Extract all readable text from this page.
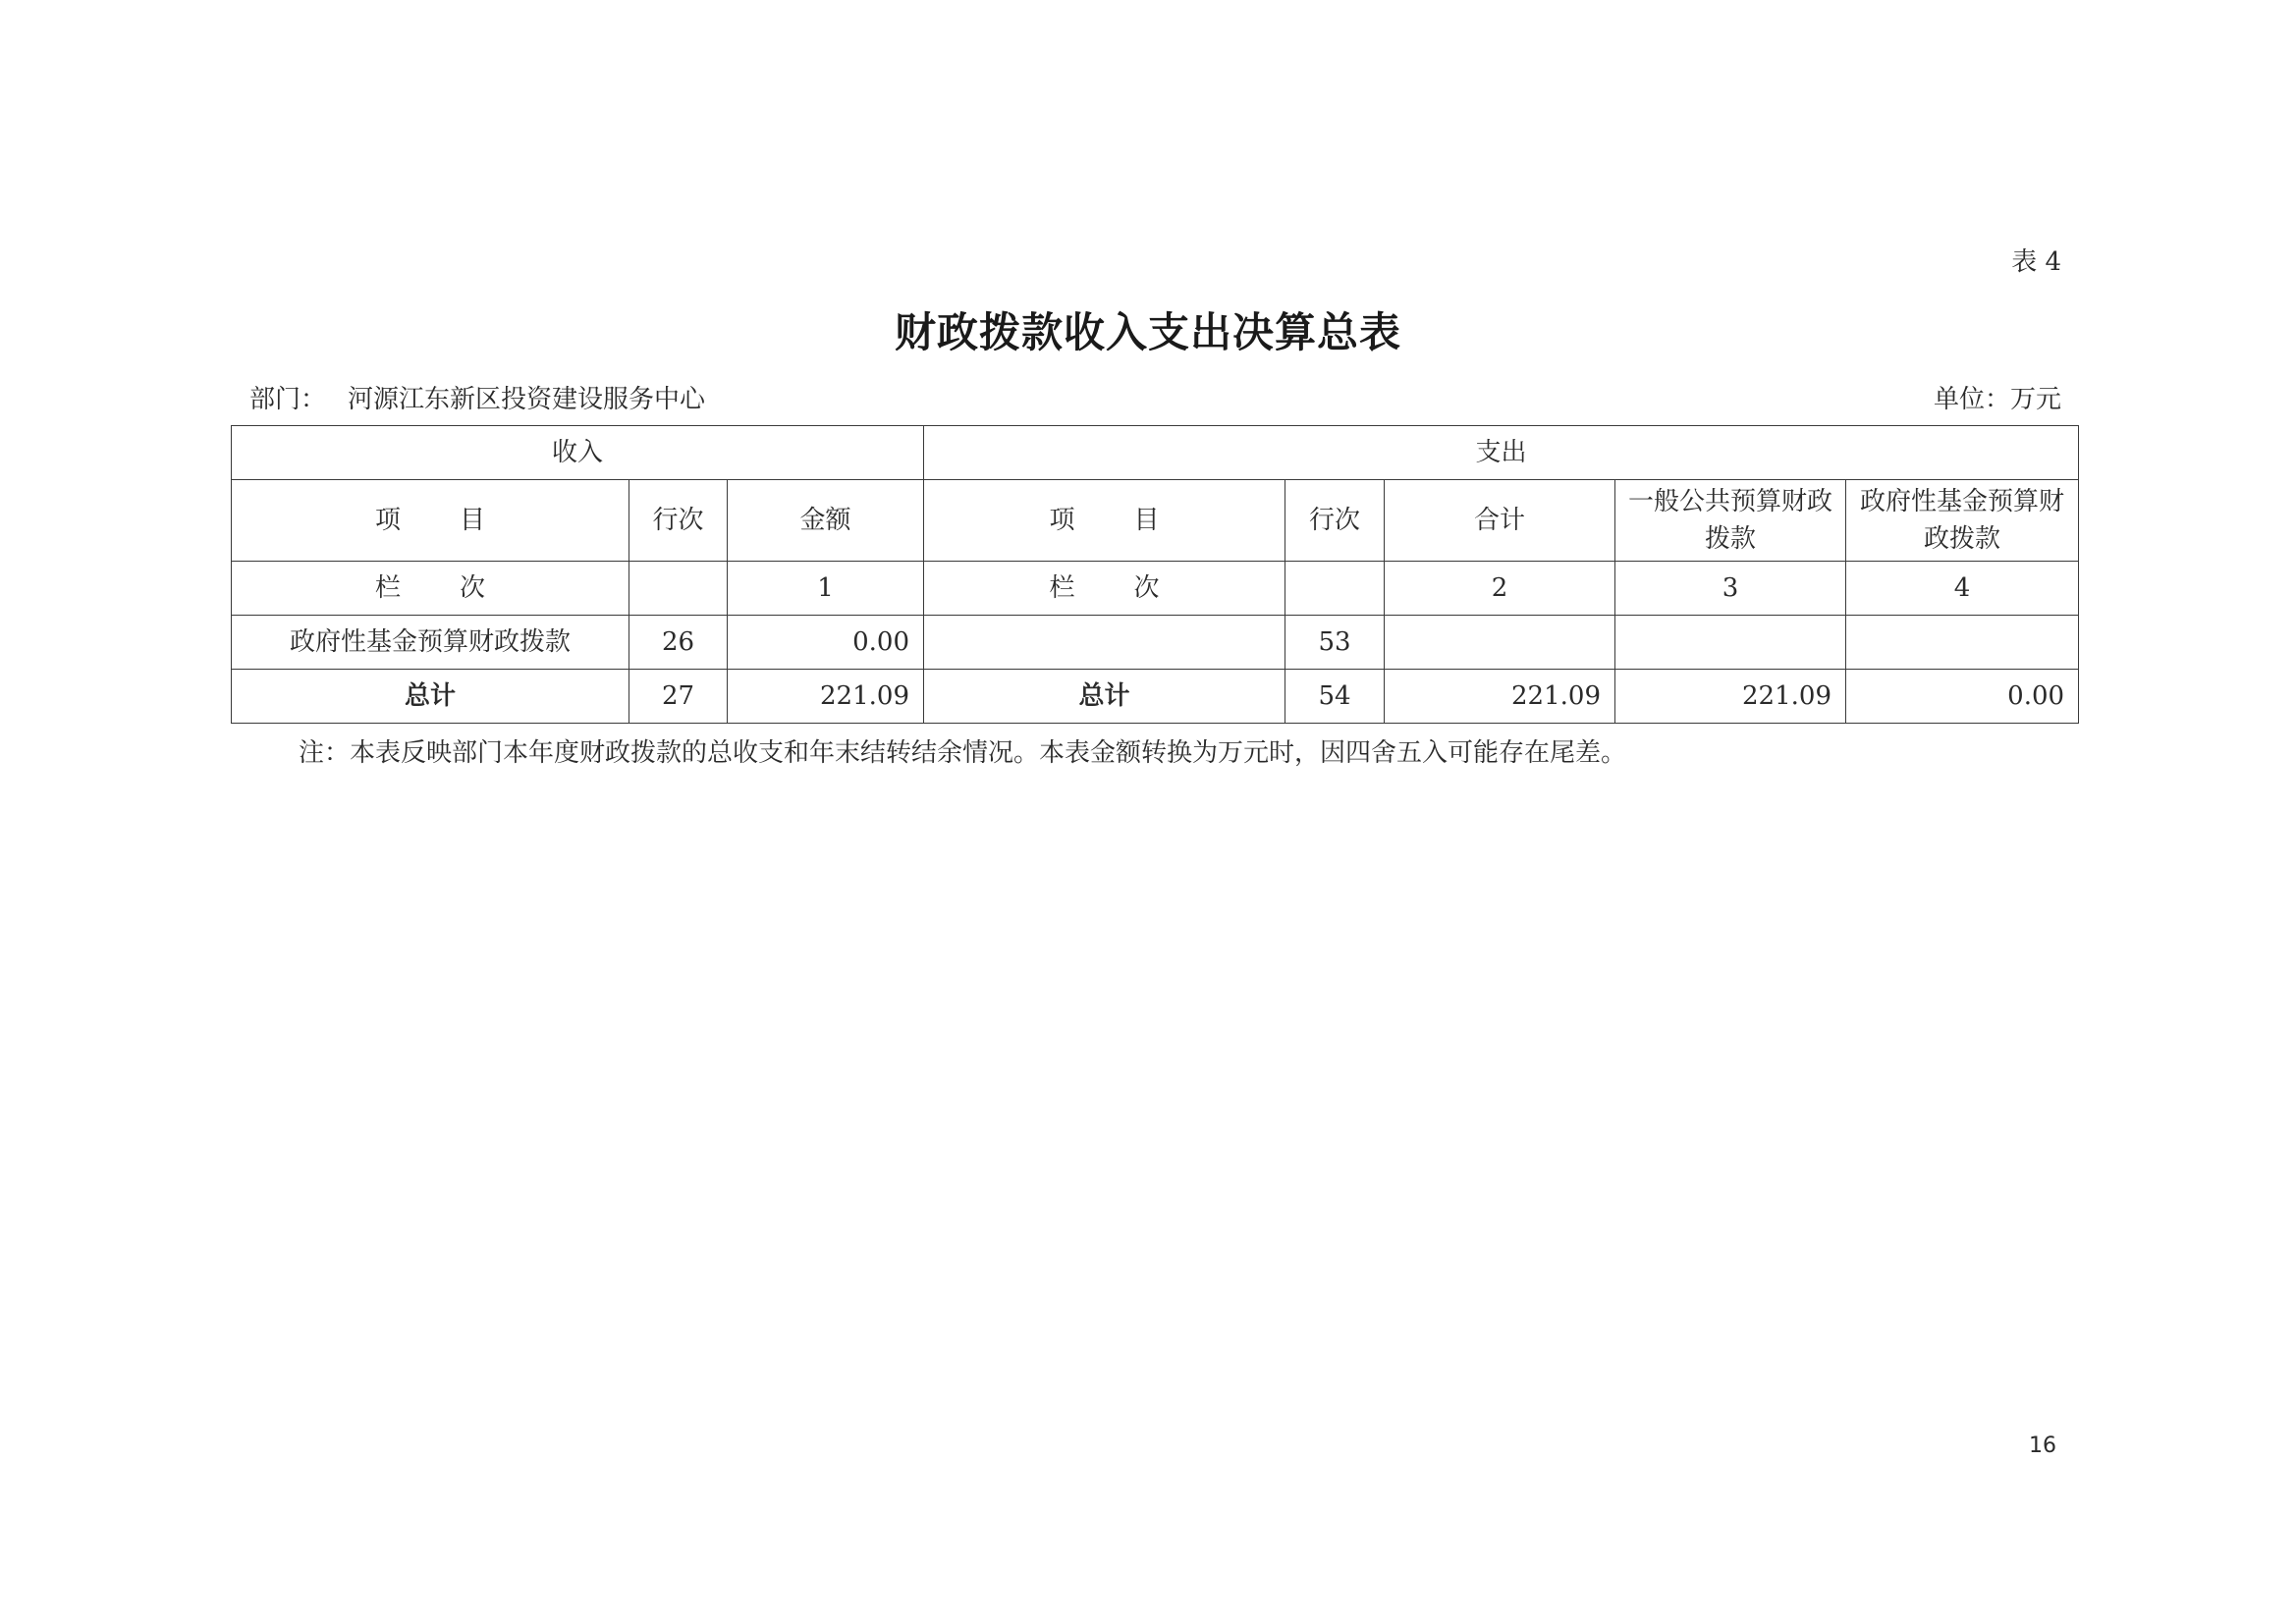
表 4
财政拨款收入支出决算总表
部门： 河源江东新区投资建设服务中心	单位：万元
收入			支出				
项 目	行次	金额	项 目	行次	合计	一般公共预算财政拨款	政府性基金预算财政拨款
栏 次		1	栏 次		2	3	4
政府性基金预算财政拨款	26	0.00		53			
总计	27	221.09	总计	54	221.09	221.09	0.00
注：本表反映部门本年度财政拨款的总收支和年末结转结余情况。本表金额转换为万元时，因四舍五入可能存在尾差。
16
